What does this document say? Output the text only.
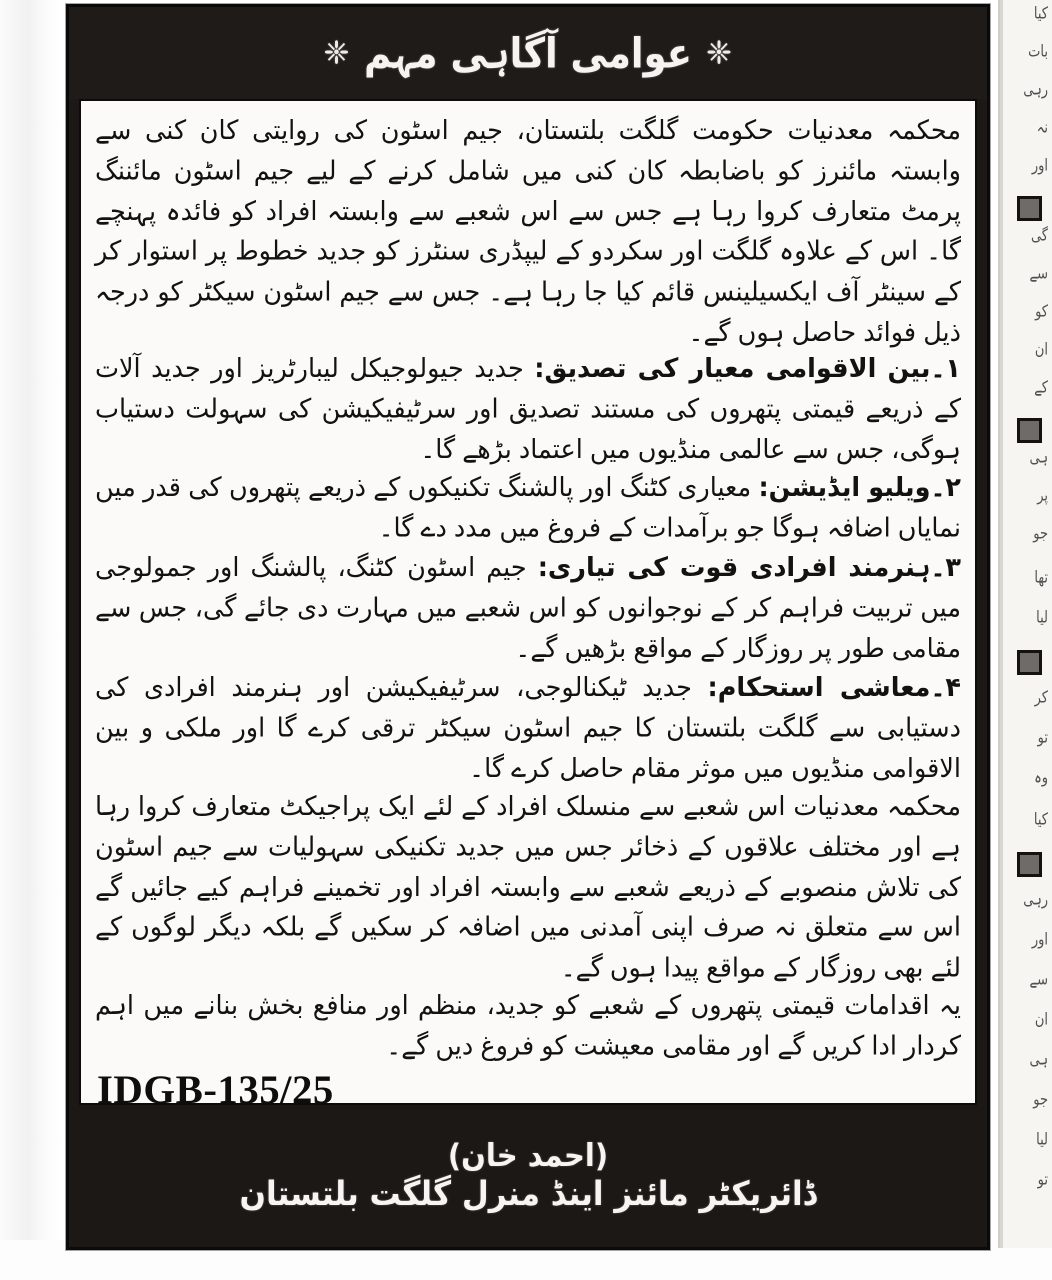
کیا
بات
رہی
نہ
اور
گی
سے
کو
ان
کے
ہی
پر
جو
تھا
لیا
کر
تو
وہ
کیا
رہی
اور
سے
ان
ہی
جو
لیا
تو
❈
عوامی آگاہی مہم
❈

محکمہ معدنیات حکومت گلگت بلتستان، جیم اسٹون کی روایتی کان کنی سے وابستہ مائنرز کو باضابطہ کان کنی میں شامل کرنے کے لیے جیم اسٹون مائننگ پرمٹ متعارف کروا رہا ہے جس سے اس شعبے سے وابستہ افراد کو فائدہ پہنچے گا۔ اس کے علاوہ گلگت اور سکردو کے لیپڈری سنٹرز کو جدید خطوط پر استوار کر کے سینٹر آف ایکسیلینس قائم کیا جا رہا ہے۔ جس سے جیم اسٹون سیکٹر کو درجہ ذیل فوائد حاصل ہوں گے۔

۱۔بین الاقوامی معیار کی تصدیق: جدید جیولوجیکل لیبارٹریز اور جدید آلات کے ذریعے قیمتی پتھروں کی مستند تصدیق اور سرٹیفیکیشن کی سہولت دستیاب ہوگی، جس سے عالمی منڈیوں میں اعتماد بڑھے گا۔

۲۔ویلیو ایڈیشن: معیاری کٹنگ اور پالشنگ تکنیکوں کے ذریعے پتھروں کی قدر میں نمایاں اضافہ ہوگا جو برآمدات کے فروغ میں مدد دے گا۔

۳۔ہنرمند افرادی قوت کی تیاری: جیم اسٹون کٹنگ، پالشنگ اور جمولوجی میں تربیت فراہم کر کے نوجوانوں کو اس شعبے میں مہارت دی جائے گی، جس سے مقامی طور پر روزگار کے مواقع بڑھیں گے۔

۴۔معاشی استحکام: جدید ٹیکنالوجی، سرٹیفیکیشن اور ہنرمند افرادی کی دستیابی سے گلگت بلتستان کا جیم اسٹون سیکٹر ترقی کرے گا اور ملکی و بین الاقوامی منڈیوں میں موثر مقام حاصل کرے گا۔

محکمہ معدنیات اس شعبے سے منسلک افراد کے لئے ایک پراجیکٹ متعارف کروا رہا ہے اور مختلف علاقوں کے ذخائر جس میں جدید تکنیکی سہولیات سے جیم اسٹون کی تلاش منصوبے کے ذریعے شعبے سے وابستہ افراد اور تخمینے فراہم کیے جائیں گے اس سے متعلق نہ صرف اپنی آمدنی میں اضافہ کر سکیں گے بلکہ دیگر لوگوں کے لئے بھی روزگار کے مواقع پیدا ہوں گے۔

یہ اقدامات قیمتی پتھروں کے شعبے کو جدید، منظم اور منافع بخش بنانے میں اہم کردار ادا کریں گے اور مقامی معیشت کو فروغ دیں گے۔

IDGB-135/25
(احمد خان)
ڈائریکٹر مائنز اینڈ منرل گلگت بلتستان
